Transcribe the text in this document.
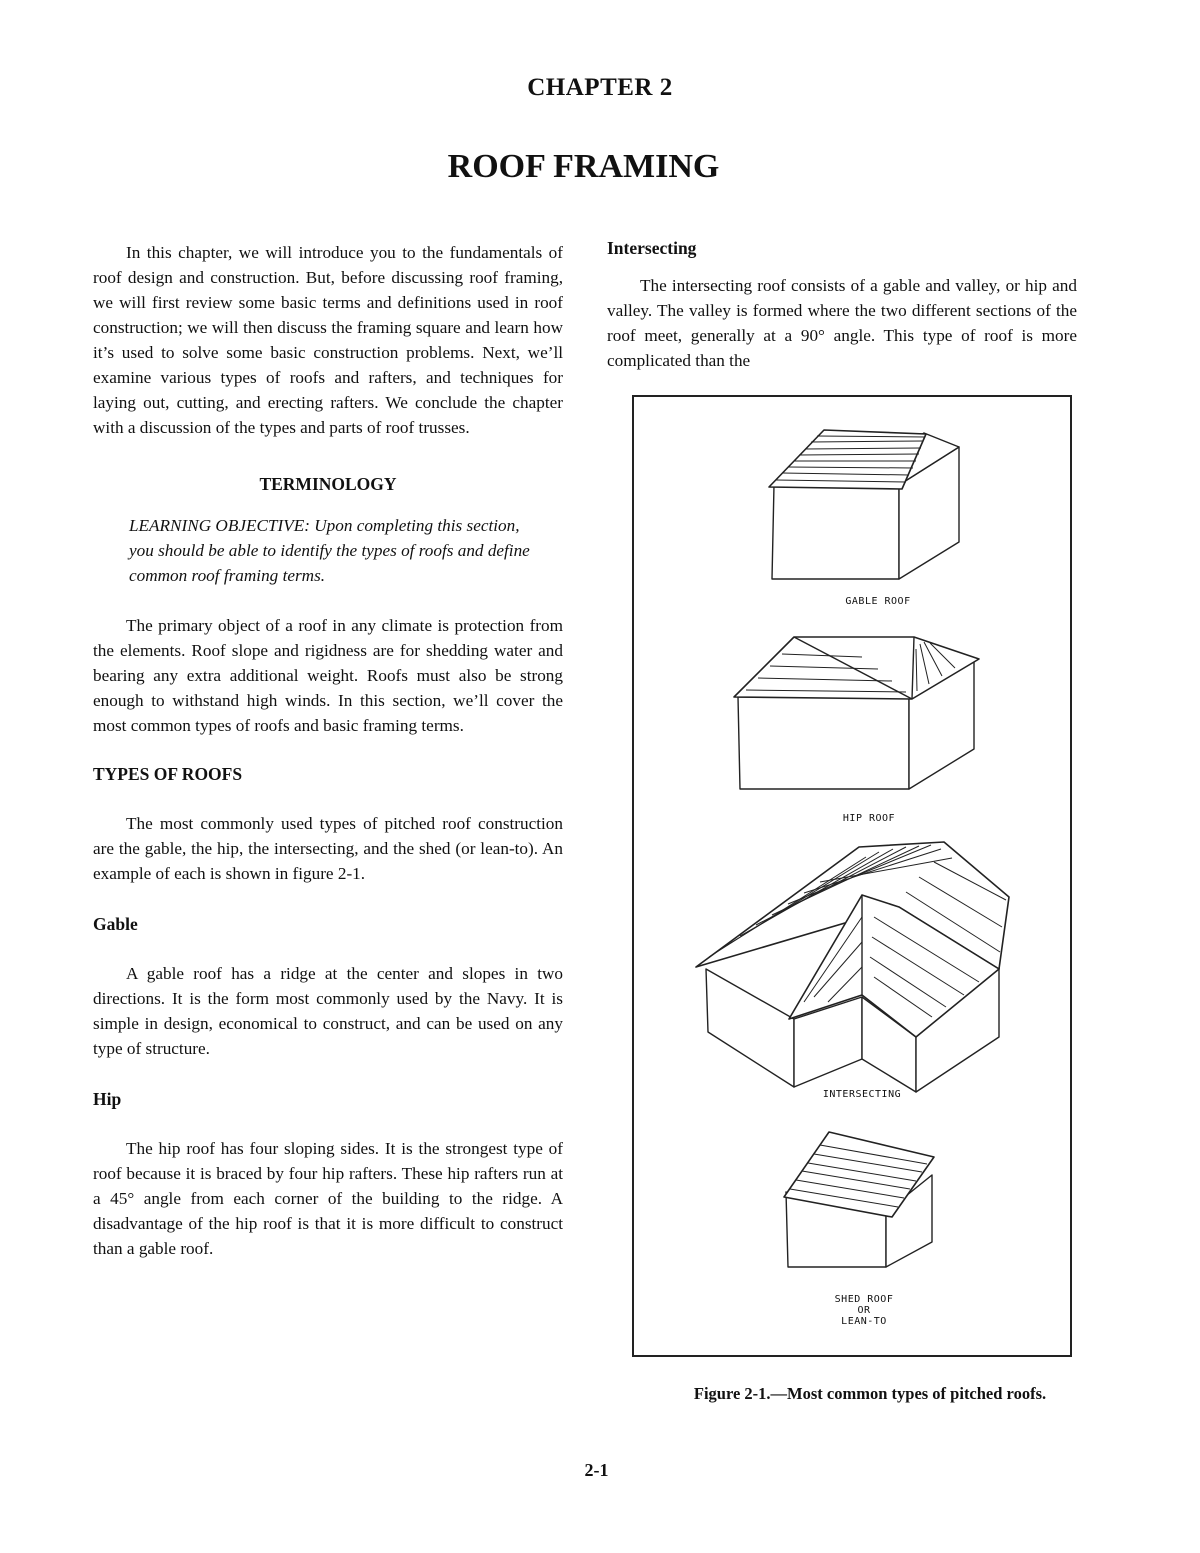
CHAPTER 2
ROOF FRAMING

In this chapter, we will introduce you to the fundamentals of roof design and construction. But, before discussing roof framing, we will first review some basic terms and definitions used in roof construction; we will then discuss the framing square and learn how it’s used to solve some basic construction problems. Next, we’ll examine various types of roofs and rafters, and techniques for laying out, cutting, and erecting rafters. We conclude the chapter with a discussion of the types and parts of roof trusses.

TERMINOLOGY

LEARNING OBJECTIVE: Upon completing this section, you should be able to identify the types of roofs and define common roof framing terms.

The primary object of a roof in any climate is protection from the elements. Roof slope and rigidness are for shedding water and bearing any extra additional weight. Roofs must also be strong enough to withstand high winds. In this section, we’ll cover the most common types of roofs and basic framing terms.

TYPES OF ROOFS

The most commonly used types of pitched roof construction are the gable, the hip, the intersecting, and the shed (or lean-to). An example of each is shown in figure 2-1.

Gable

A gable roof has a ridge at the center and slopes in two directions. It is the form most commonly used by the Navy. It is simple in design, economical to construct, and can be used on any type of structure.

Hip

The hip roof has four sloping sides. It is the strongest type of roof because it is braced by four hip rafters. These hip rafters run at a 45° angle from each corner of the building to the ridge. A disadvantage of the hip roof is that it is more difficult to construct than a gable roof.

Intersecting

The intersecting roof consists of a gable and valley, or hip and valley. The valley is formed where the two different sections of the roof meet, generally at a 90° angle. This type of roof is more complicated than the

GABLE ROOF
HIP ROOF
INTERSECTING
SHED ROOF
OR
LEAN-TO
Figure 2-1.—Most common types of pitched roofs.
2-1
